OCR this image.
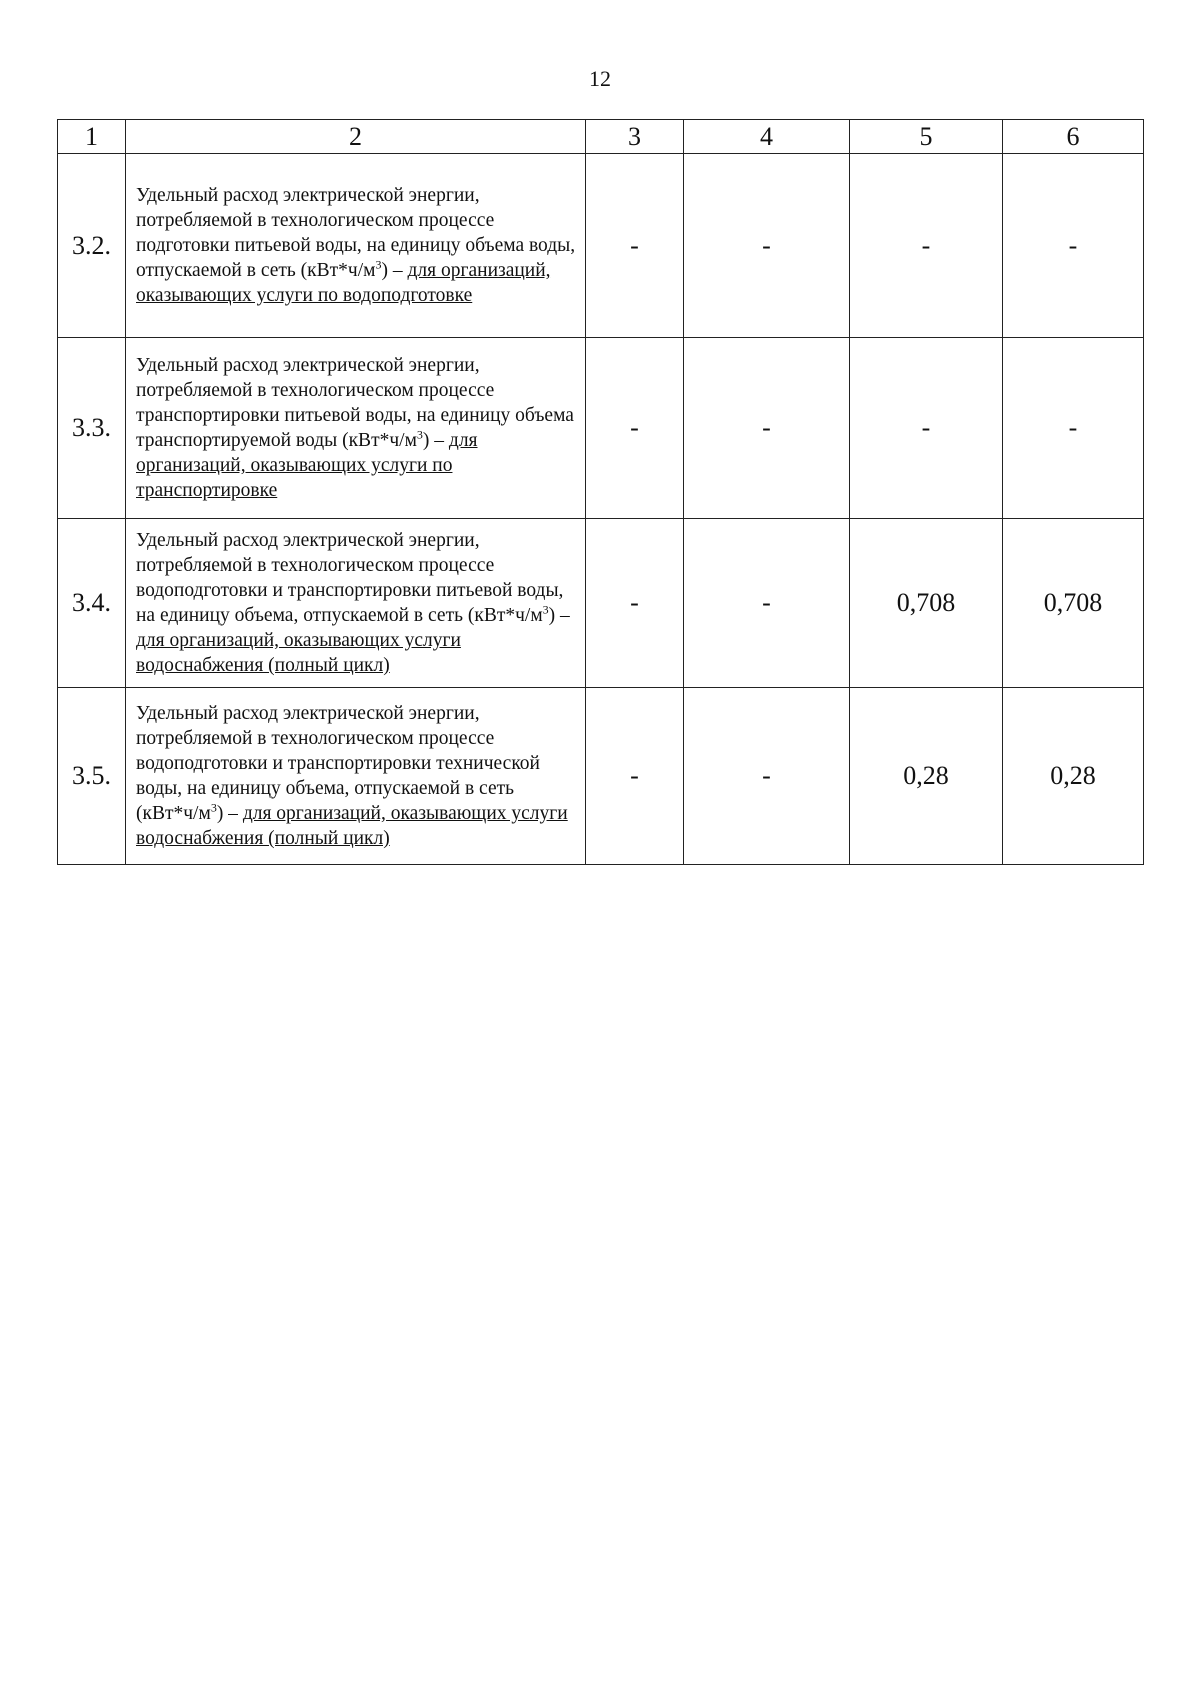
12
1	2	3	4	5	6
3.2.	Удельный расход электрической энергии, потребляемой в технологическом процессе подготовки питьевой воды, на единицу объема воды, отпускаемой в сеть $(кВт*ч/м^3)$ – для организаций, оказывающих услуги по водоподготовке	-	-	-	-
3.3.	Удельный расход электрической энергии, потребляемой в технологическом процессе транспортировки питьевой воды, на единицу объема транспортируемой воды $(кВт*ч/м^3)$ – для организаций, оказывающих услуги по транспортировке	-	-	-	-
3.4.	Удельный расход электрической энергии, потребляемой в технологическом процессе водоподготовки и транспортировки питьевой воды, на единицу объема, отпускаемой в сеть $(кВт*ч/м^3)$ – для организаций, оказывающих услуги водоснабжения (полный цикл)	-	-	0,708	0,708
3.5.	Удельный расход электрической энергии, потребляемой в технологическом процессе водоподготовки и транспортировки технической воды, на единицу объема, отпускаемой в сеть $(кВт*ч/м^3)$ – для организаций, оказывающих услуги водоснабжения (полный цикл)	-	-	0,28	0,28
